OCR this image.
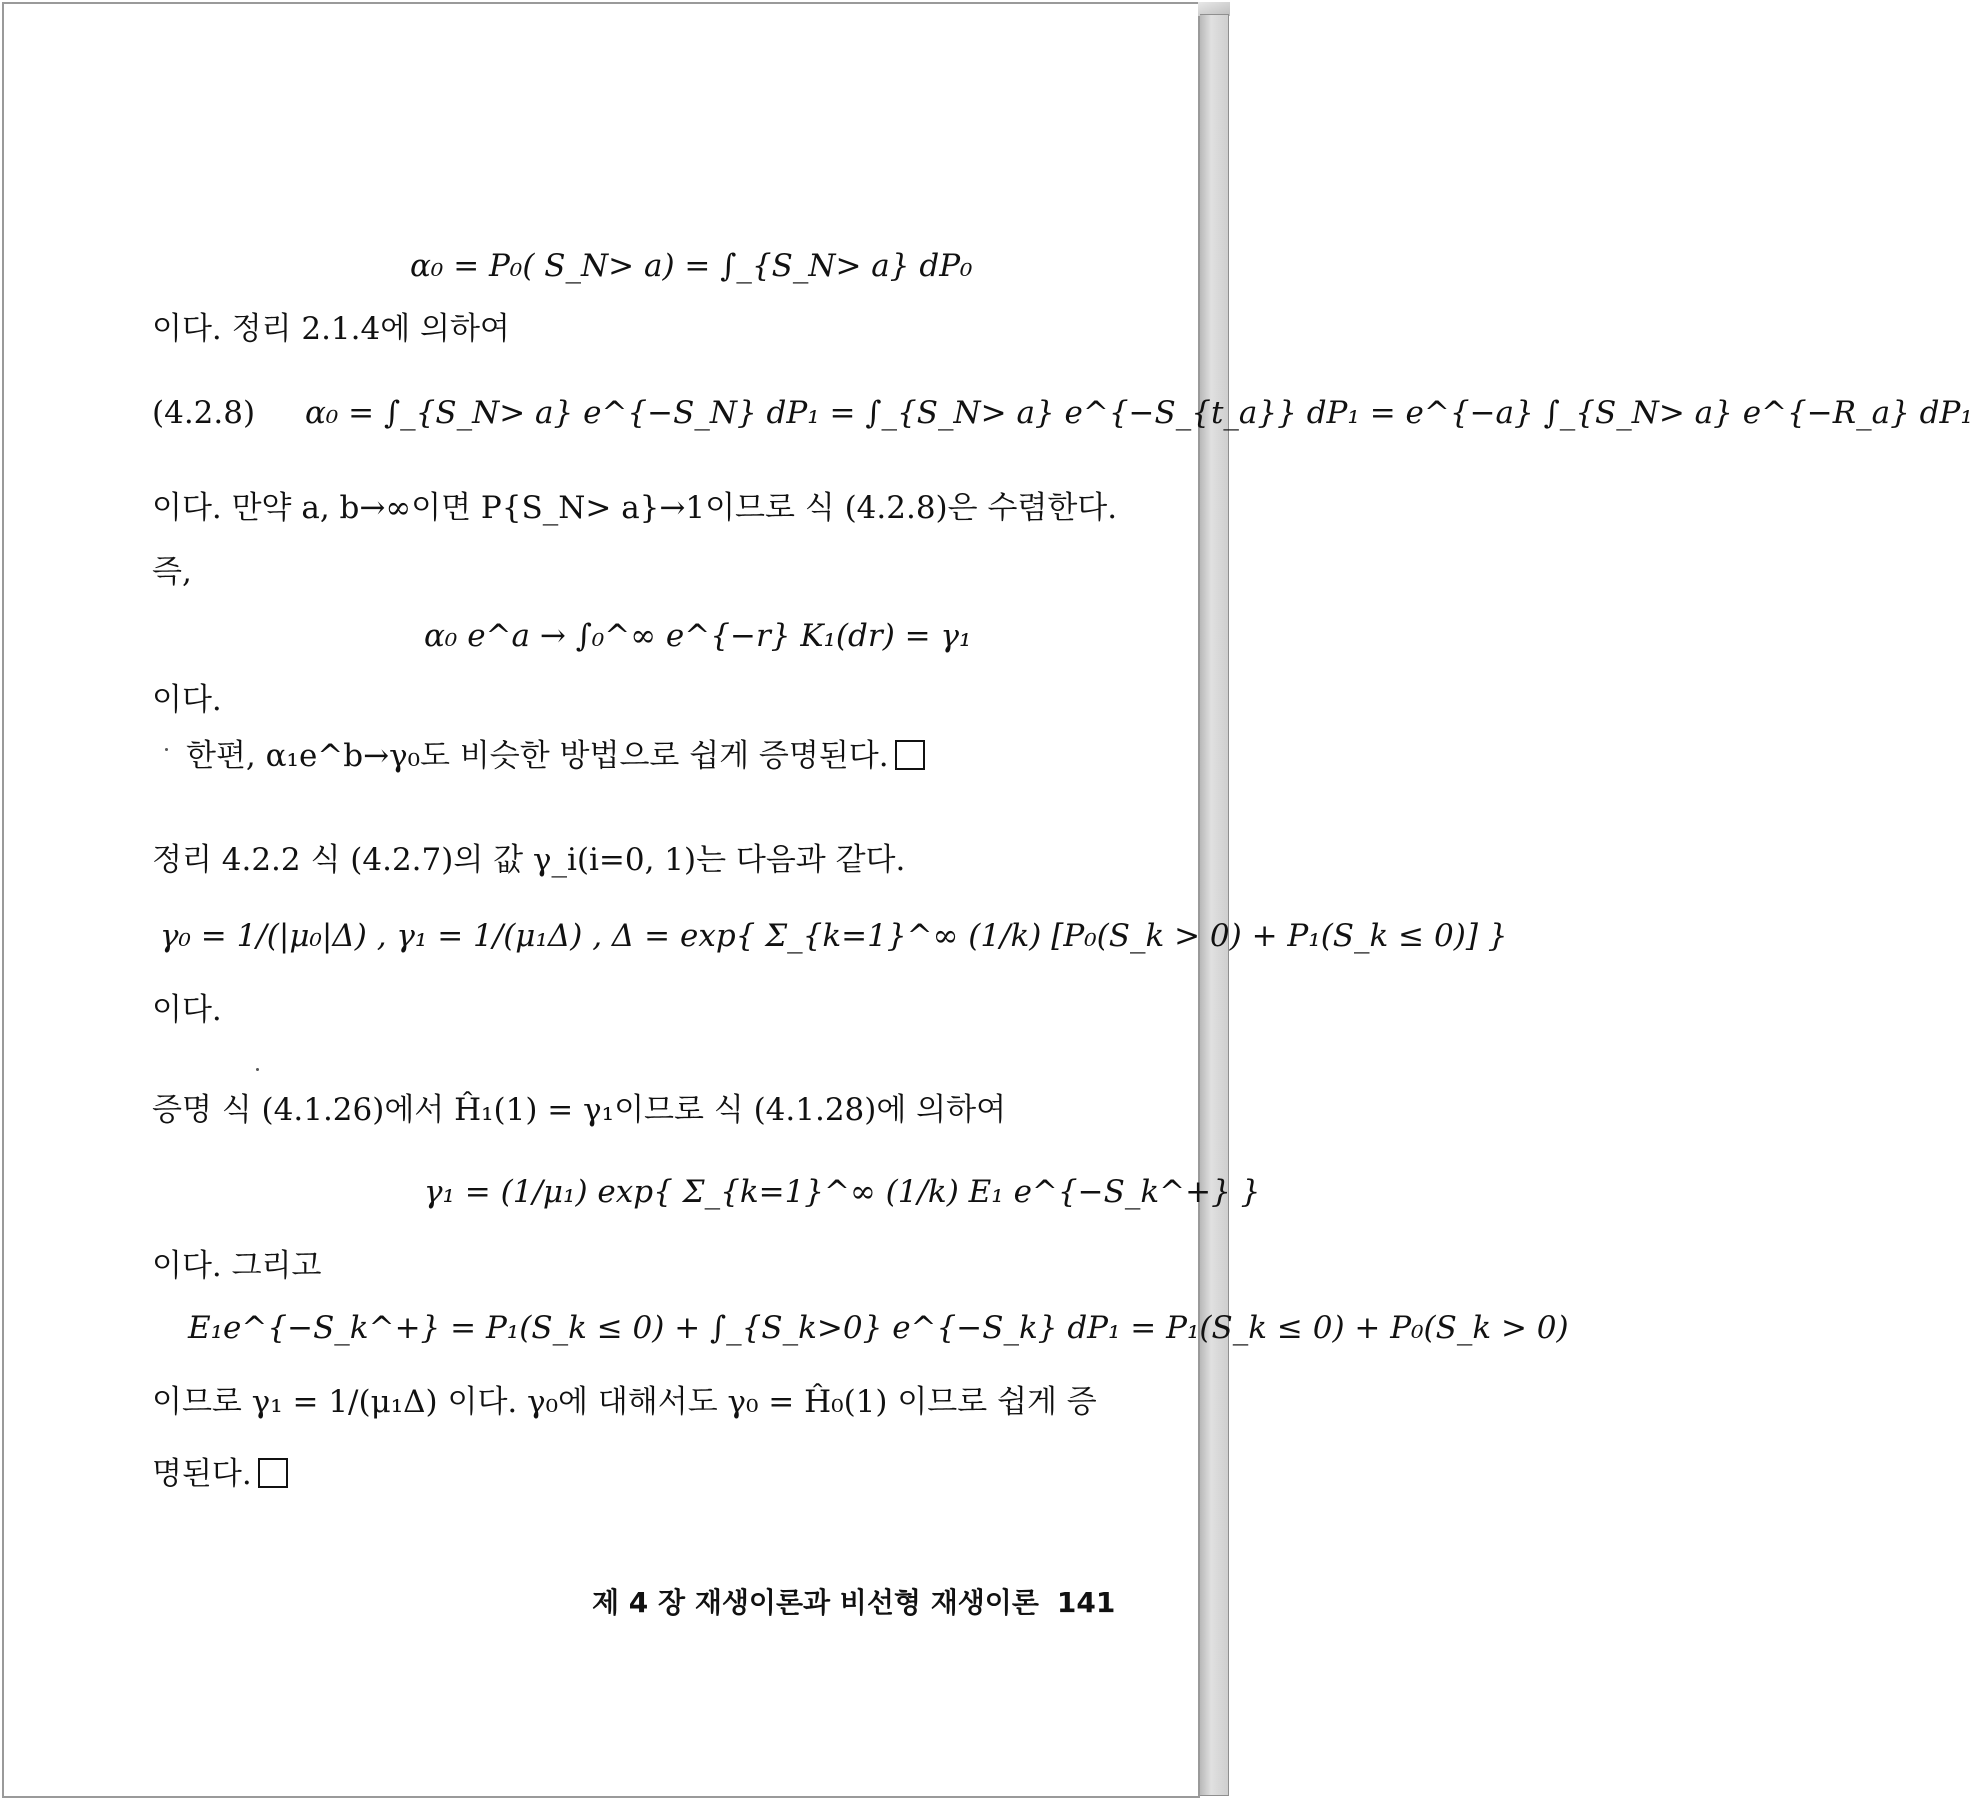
α₀ = P₀( S_N> a) = ∫_{S_N> a} dP₀
이다. 정리 2.1.4에 의하여
(4.2.8) α₀ = ∫_{S_N> a} e^{−S_N} dP₁ = ∫_{S_N> a} e^{−S_{t_a}} dP₁ = e^{−a} ∫_{S_N> a} e^{−R_a} dP₁
이다. 만약 a, b→∞이면 P{S_N> a}→1이므로 식 (4.2.8)은 수렴한다.
즉,
α₀ e^a → ∫₀^∞ e^{−r} K₁(dr) = γ₁
이다.
한편, α₁e^b→γ₀도 비슷한 방법으로 쉽게 증명된다.
정리 4.2.2 식 (4.2.7)의 값 γ_i(i=0, 1)는 다음과 같다.
γ₀ = 1/(|μ₀|Δ) , γ₁ = 1/(μ₁Δ) , Δ = exp{ Σ_{k=1}^∞ (1/k) [P₀(S_k > 0) + P₁(S_k ≤ 0)] }
이다.
증명 식 (4.1.26)에서 Ĥ₁(1) = γ₁이므로 식 (4.1.28)에 의하여
γ₁ = (1/μ₁) exp{ Σ_{k=1}^∞ (1/k) E₁ e^{−S_k^+} }
이다. 그리고
E₁e^{−S_k^+} = P₁(S_k ≤ 0) + ∫_{S_k>0} e^{−S_k} dP₁ = P₁(S_k ≤ 0) + P₀(S_k > 0)
이므로 γ₁ = 1/(μ₁Δ) 이다. γ₀에 대해서도 γ₀ = Ĥ₀(1) 이므로 쉽게 증
명된다.
제 4 장 재생이론과 비선형 재생이론 141
